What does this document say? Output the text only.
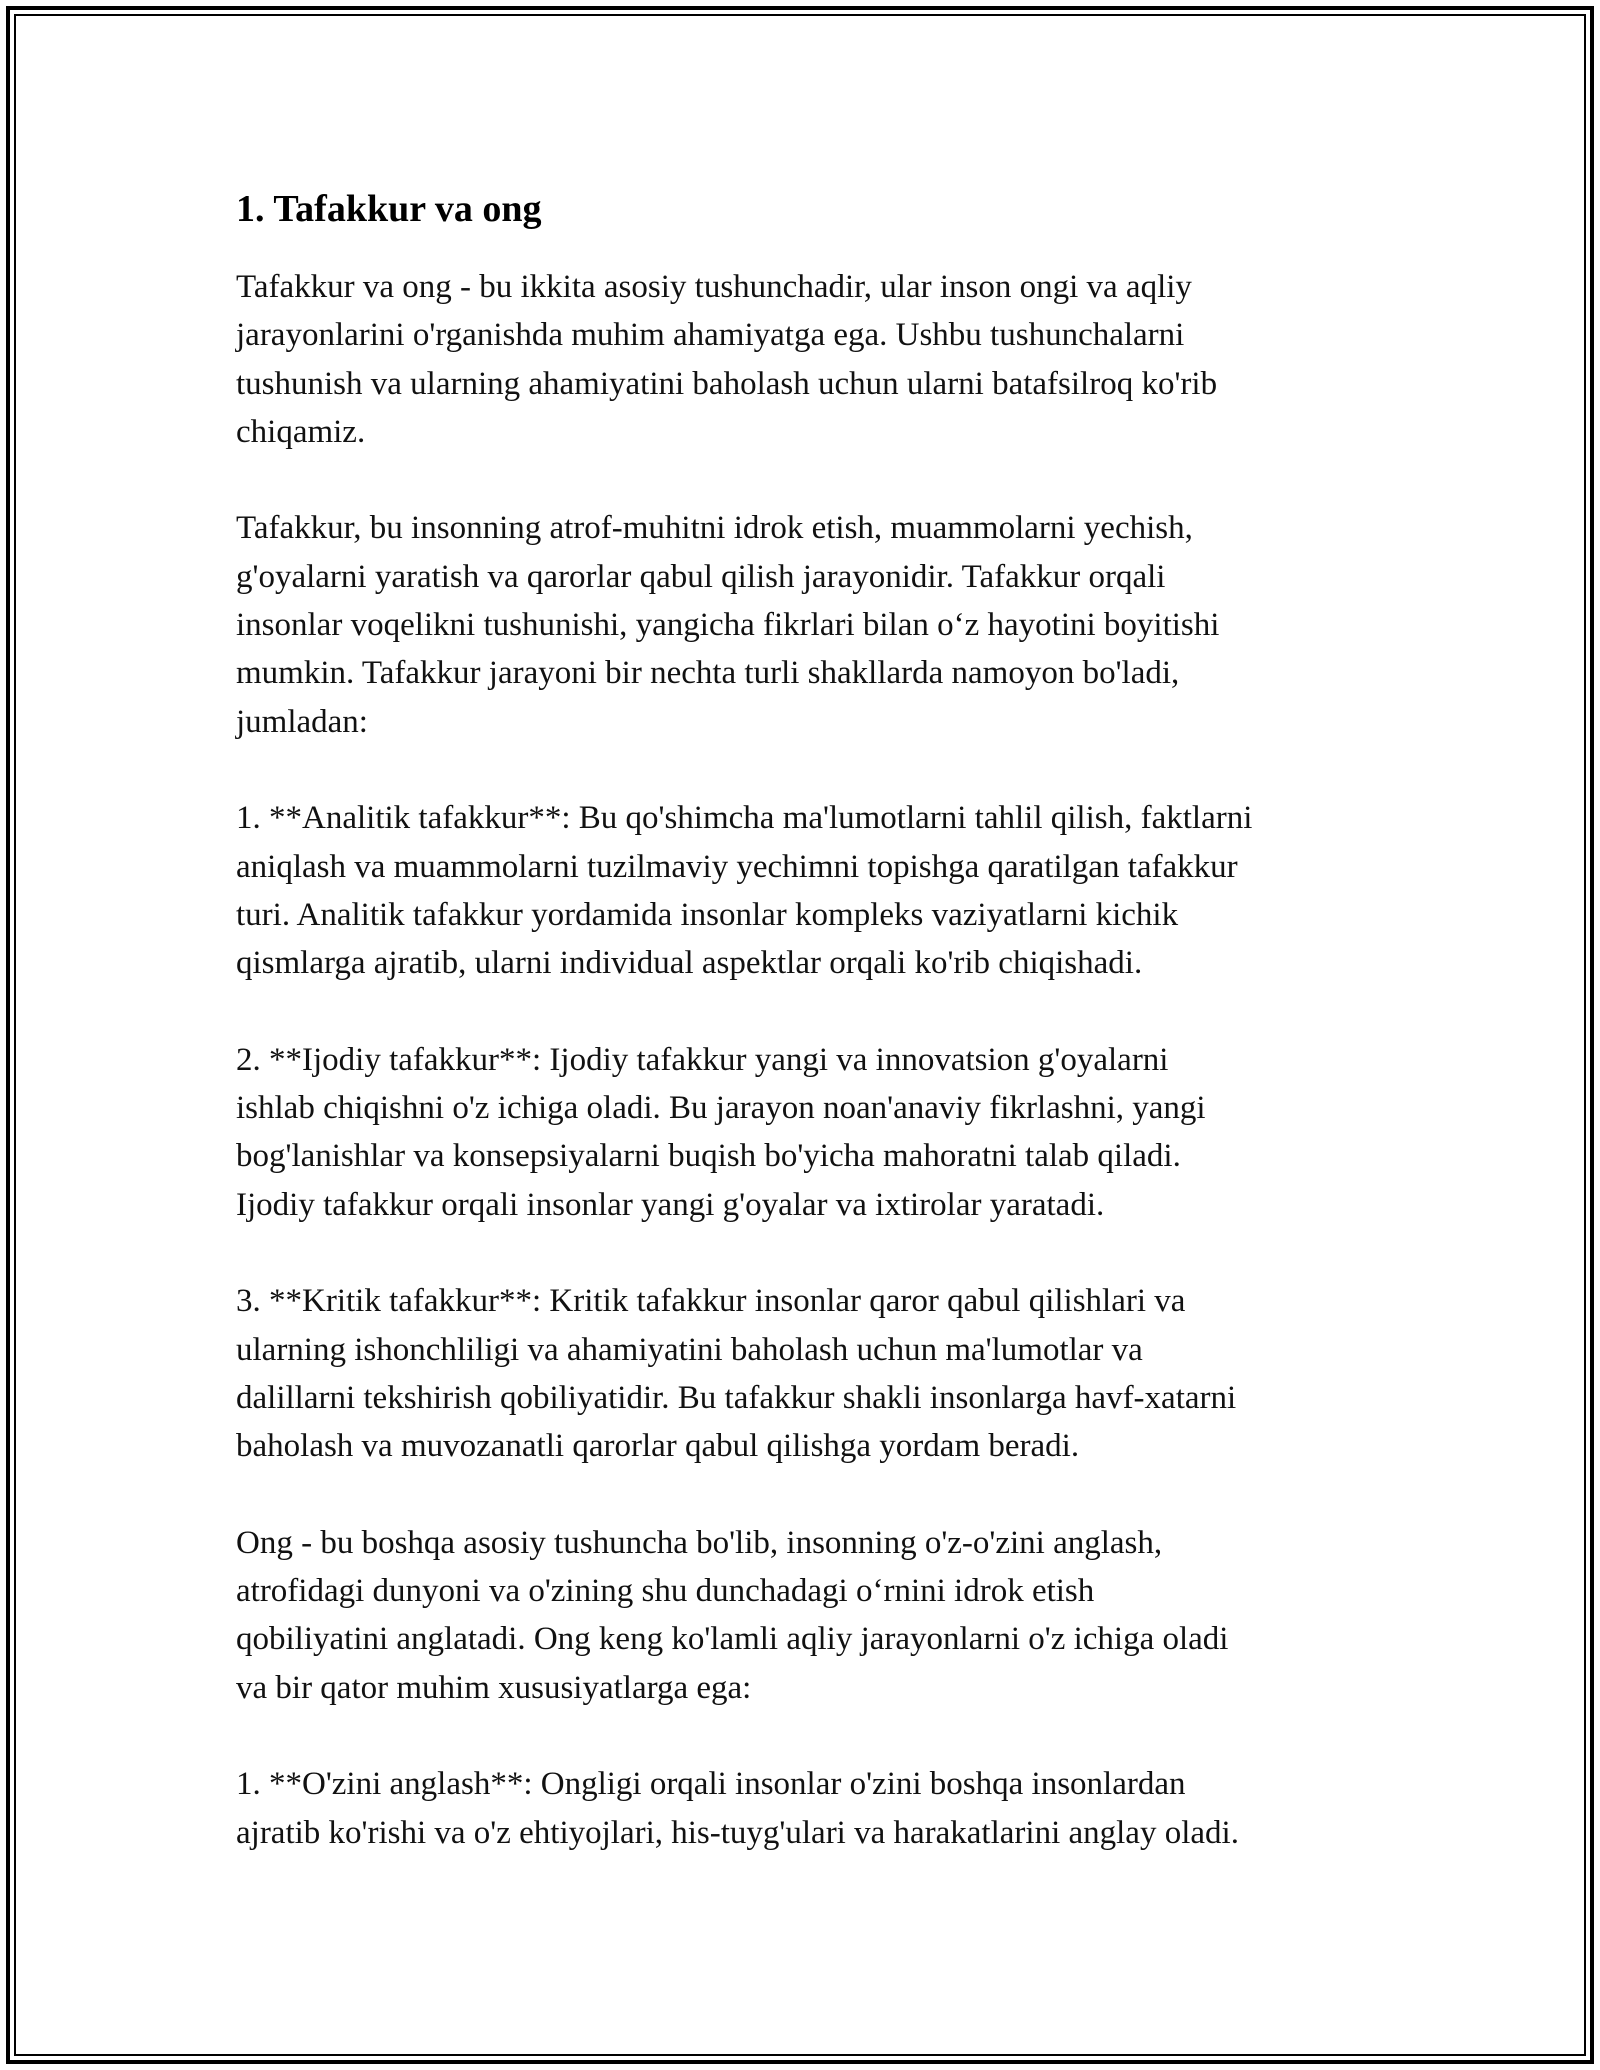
1. Tafakkur va ong

Tafakkur va ong - bu ikkita asosiy tushunchadir, ular inson ongi va aqliy
jarayonlarini o'rganishda muhim ahamiyatga ega. Ushbu tushunchalarni
tushunish va ularning ahamiyatini baholash uchun ularni batafsilroq ko'rib
chiqamiz.

Tafakkur, bu insonning atrof-muhitni idrok etish, muammolarni yechish,
g'oyalarni yaratish va qarorlar qabul qilish jarayonidir. Tafakkur orqali
insonlar voqelikni tushunishi, yangicha fikrlari bilan o‘z hayotini boyitishi
mumkin. Tafakkur jarayoni bir nechta turli shakllarda namoyon bo'ladi,
jumladan:

1. **Analitik tafakkur**: Bu qo'shimcha ma'lumotlarni tahlil qilish, faktlarni
aniqlash va muammolarni tuzilmaviy yechimni topishga qaratilgan tafakkur
turi. Analitik tafakkur yordamida insonlar kompleks vaziyatlarni kichik
qismlarga ajratib, ularni individual aspektlar orqali ko'rib chiqishadi.

2. **Ijodiy tafakkur**: Ijodiy tafakkur yangi va innovatsion g'oyalarni
ishlab chiqishni o'z ichiga oladi. Bu jarayon noan'anaviy fikrlashni, yangi
bog'lanishlar va konsepsiyalarni buqish bo'yicha mahoratni talab qiladi.
Ijodiy tafakkur orqali insonlar yangi g'oyalar va ixtirolar yaratadi.

3. **Kritik tafakkur**: Kritik tafakkur insonlar qaror qabul qilishlari va
ularning ishonchliligi va ahamiyatini baholash uchun ma'lumotlar va
dalillarni tekshirish qobiliyatidir. Bu tafakkur shakli insonlarga havf-xatarni
baholash va muvozanatli qarorlar qabul qilishga yordam beradi.

Ong - bu boshqa asosiy tushuncha bo'lib, insonning o'z-o'zini anglash,
atrofidagi dunyoni va o'zining shu dunchadagi o‘rnini idrok etish
qobiliyatini anglatadi. Ong keng ko'lamli aqliy jarayonlarni o'z ichiga oladi
va bir qator muhim xususiyatlarga ega:

1. **O'zini anglash**: Ongligi orqali insonlar o'zini boshqa insonlardan
ajratib ko'rishi va o'z ehtiyojlari, his-tuyg'ulari va harakatlarini anglay oladi.
